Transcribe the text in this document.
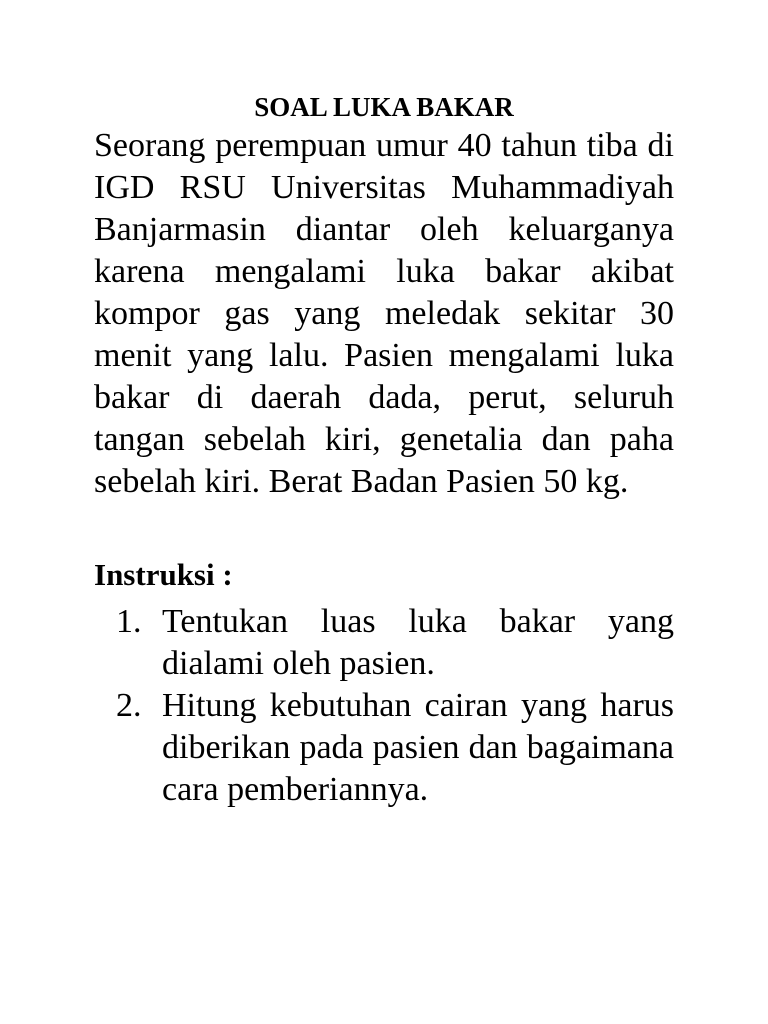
SOAL LUKA BAKAR

Seorang perempuan umur 40 tahun tiba di IGD RSU Universitas Muhammadiyah Banjarmasin diantar oleh keluarganya karena mengalami luka bakar akibat kompor gas yang meledak sekitar 30 menit yang lalu. Pasien mengalami luka bakar di daerah dada, perut, seluruh tangan sebelah kiri, genetalia dan paha sebelah kiri. Berat Badan Pasien 50 kg.

Instruksi :
1. Tentukan luas luka bakar yang dialami oleh pasien.
2. Hitung kebutuhan cairan yang harus diberikan pada pasien dan bagaimana cara pemberiannya.
